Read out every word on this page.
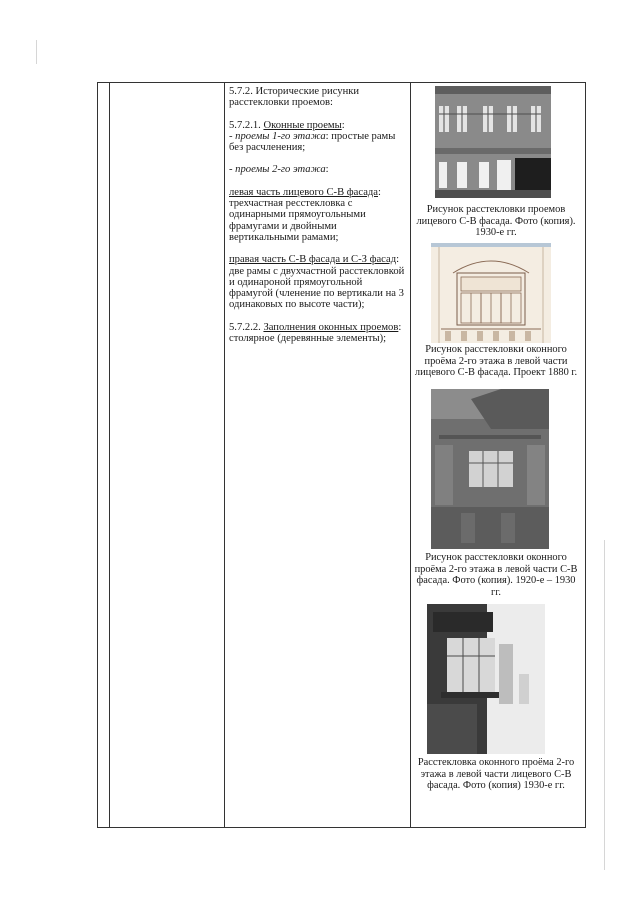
5.7.2. Исторические рисунки расстекловки проемов:

5.7.2.1. Оконные проемы:

- проемы 1-го этажа: простые рамы без расчленения;

- проемы 2-го этажа:

левая часть лицевого С-В фасада:

трехчастная ресстекловка с одинарными прямоугольными фрамугами и двойными вертикальными рамами;

правая часть С-В фасада и С-З фасад:

две рамы с двухчастной расстекловкой и одинароной прямоугольной фрамугой (членение по вертикали на 3 одинаковых по высоте части);

5.7.2.2. Заполнения оконных проемов: столярное (деревянные элементы);

Рисунок расстекловки проемов лицевого С-В фасада. Фото (копия). 1930-е гг.

Рисунок расстекловки оконного проёма 2-го этажа в левой части лицевого С-В фасада. Проект 1880 г.

Рисунок расстекловки оконного проёма 2-го этажа в левой части С-В фасада. Фото (копия). 1920-е – 1930 гг.

Расстекловка оконного проёма 2-го этажа в левой части лицевого С-В фасада. Фото (копия) 1930-е гг.
